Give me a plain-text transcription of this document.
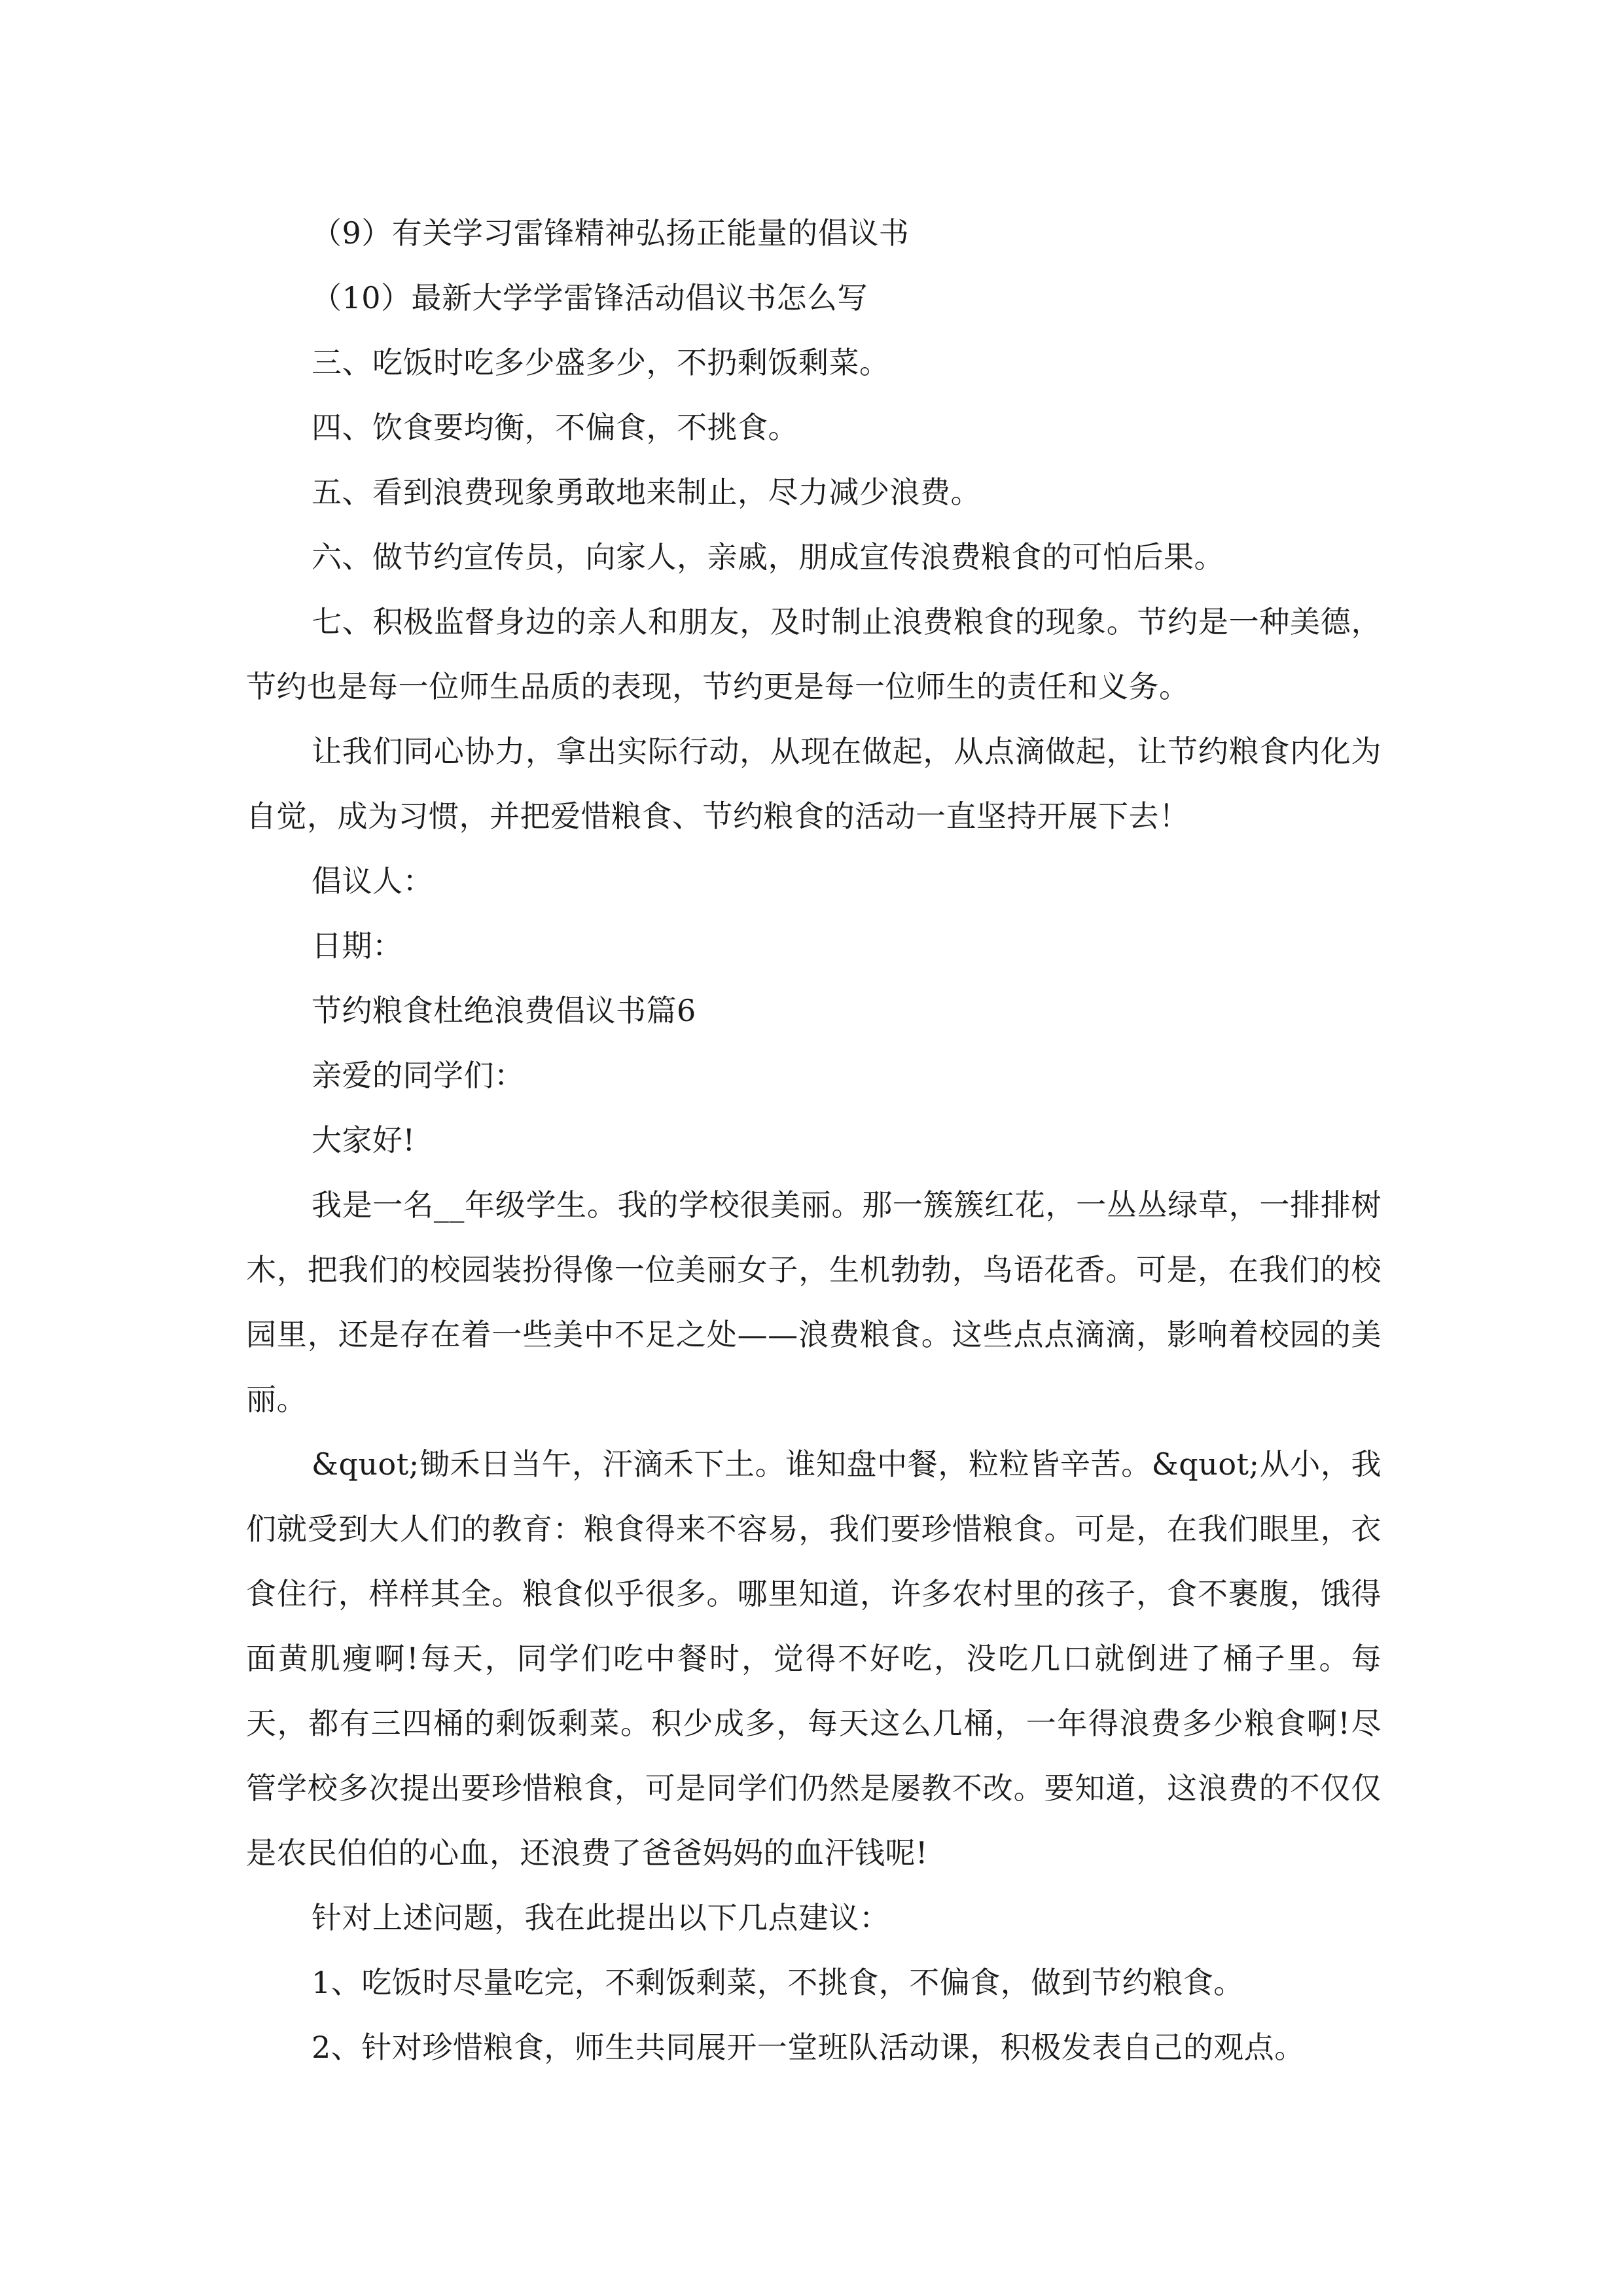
（9）有关学习雷锋精神弘扬正能量的倡议书

（10）最新大学学雷锋活动倡议书怎么写

三、吃饭时吃多少盛多少，不扔剩饭剩菜。

四、饮食要均衡，不偏食，不挑食。

五、看到浪费现象勇敢地来制止，尽力减少浪费。

六、做节约宣传员，向家人，亲戚，朋成宣传浪费粮食的可怕后果。

七、积极监督身边的亲人和朋友，及时制止浪费粮食的现象。节约是一种美德，节约也是每一位师生品质的表现，节约更是每一位师生的责任和义务。

让我们同心协力，拿出实际行动，从现在做起，从点滴做起，让节约粮食内化为自觉，成为习惯，并把爱惜粮食、节约粮食的活动一直坚持开展下去！

倡议人：

日期：

节约粮食杜绝浪费倡议书篇6

亲爱的同学们：

大家好!

我是一名__年级学生。我的学校很美丽。那一簇簇红花，一丛丛绿草，一排排树木，把我们的校园装扮得像一位美丽女子，生机勃勃，鸟语花香。可是，在我们的校园里，还是存在着一些美中不足之处——浪费粮食。这些点点滴滴，影响着校园的美丽。

&quot;锄禾日当午，汗滴禾下土。谁知盘中餐，粒粒皆辛苦。&quot;从小，我们就受到大人们的教育：粮食得来不容易，我们要珍惜粮食。可是，在我们眼里，衣食住行，样样其全。粮食似乎很多。哪里知道，许多农村里的孩子，食不裹腹，饿得面黄肌瘦啊!每天，同学们吃中餐时，觉得不好吃，没吃几口就倒进了桶子里。每天，都有三四桶的剩饭剩菜。积少成多，每天这么几桶，一年得浪费多少粮食啊!尽管学校多次提出要珍惜粮食，可是同学们仍然是屡教不改。要知道，这浪费的不仅仅是农民伯伯的心血，还浪费了爸爸妈妈的血汗钱呢!

针对上述问题，我在此提出以下几点建议：

1、吃饭时尽量吃完，不剩饭剩菜，不挑食，不偏食，做到节约粮食。

2、针对珍惜粮食，师生共同展开一堂班队活动课，积极发表自己的观点。
